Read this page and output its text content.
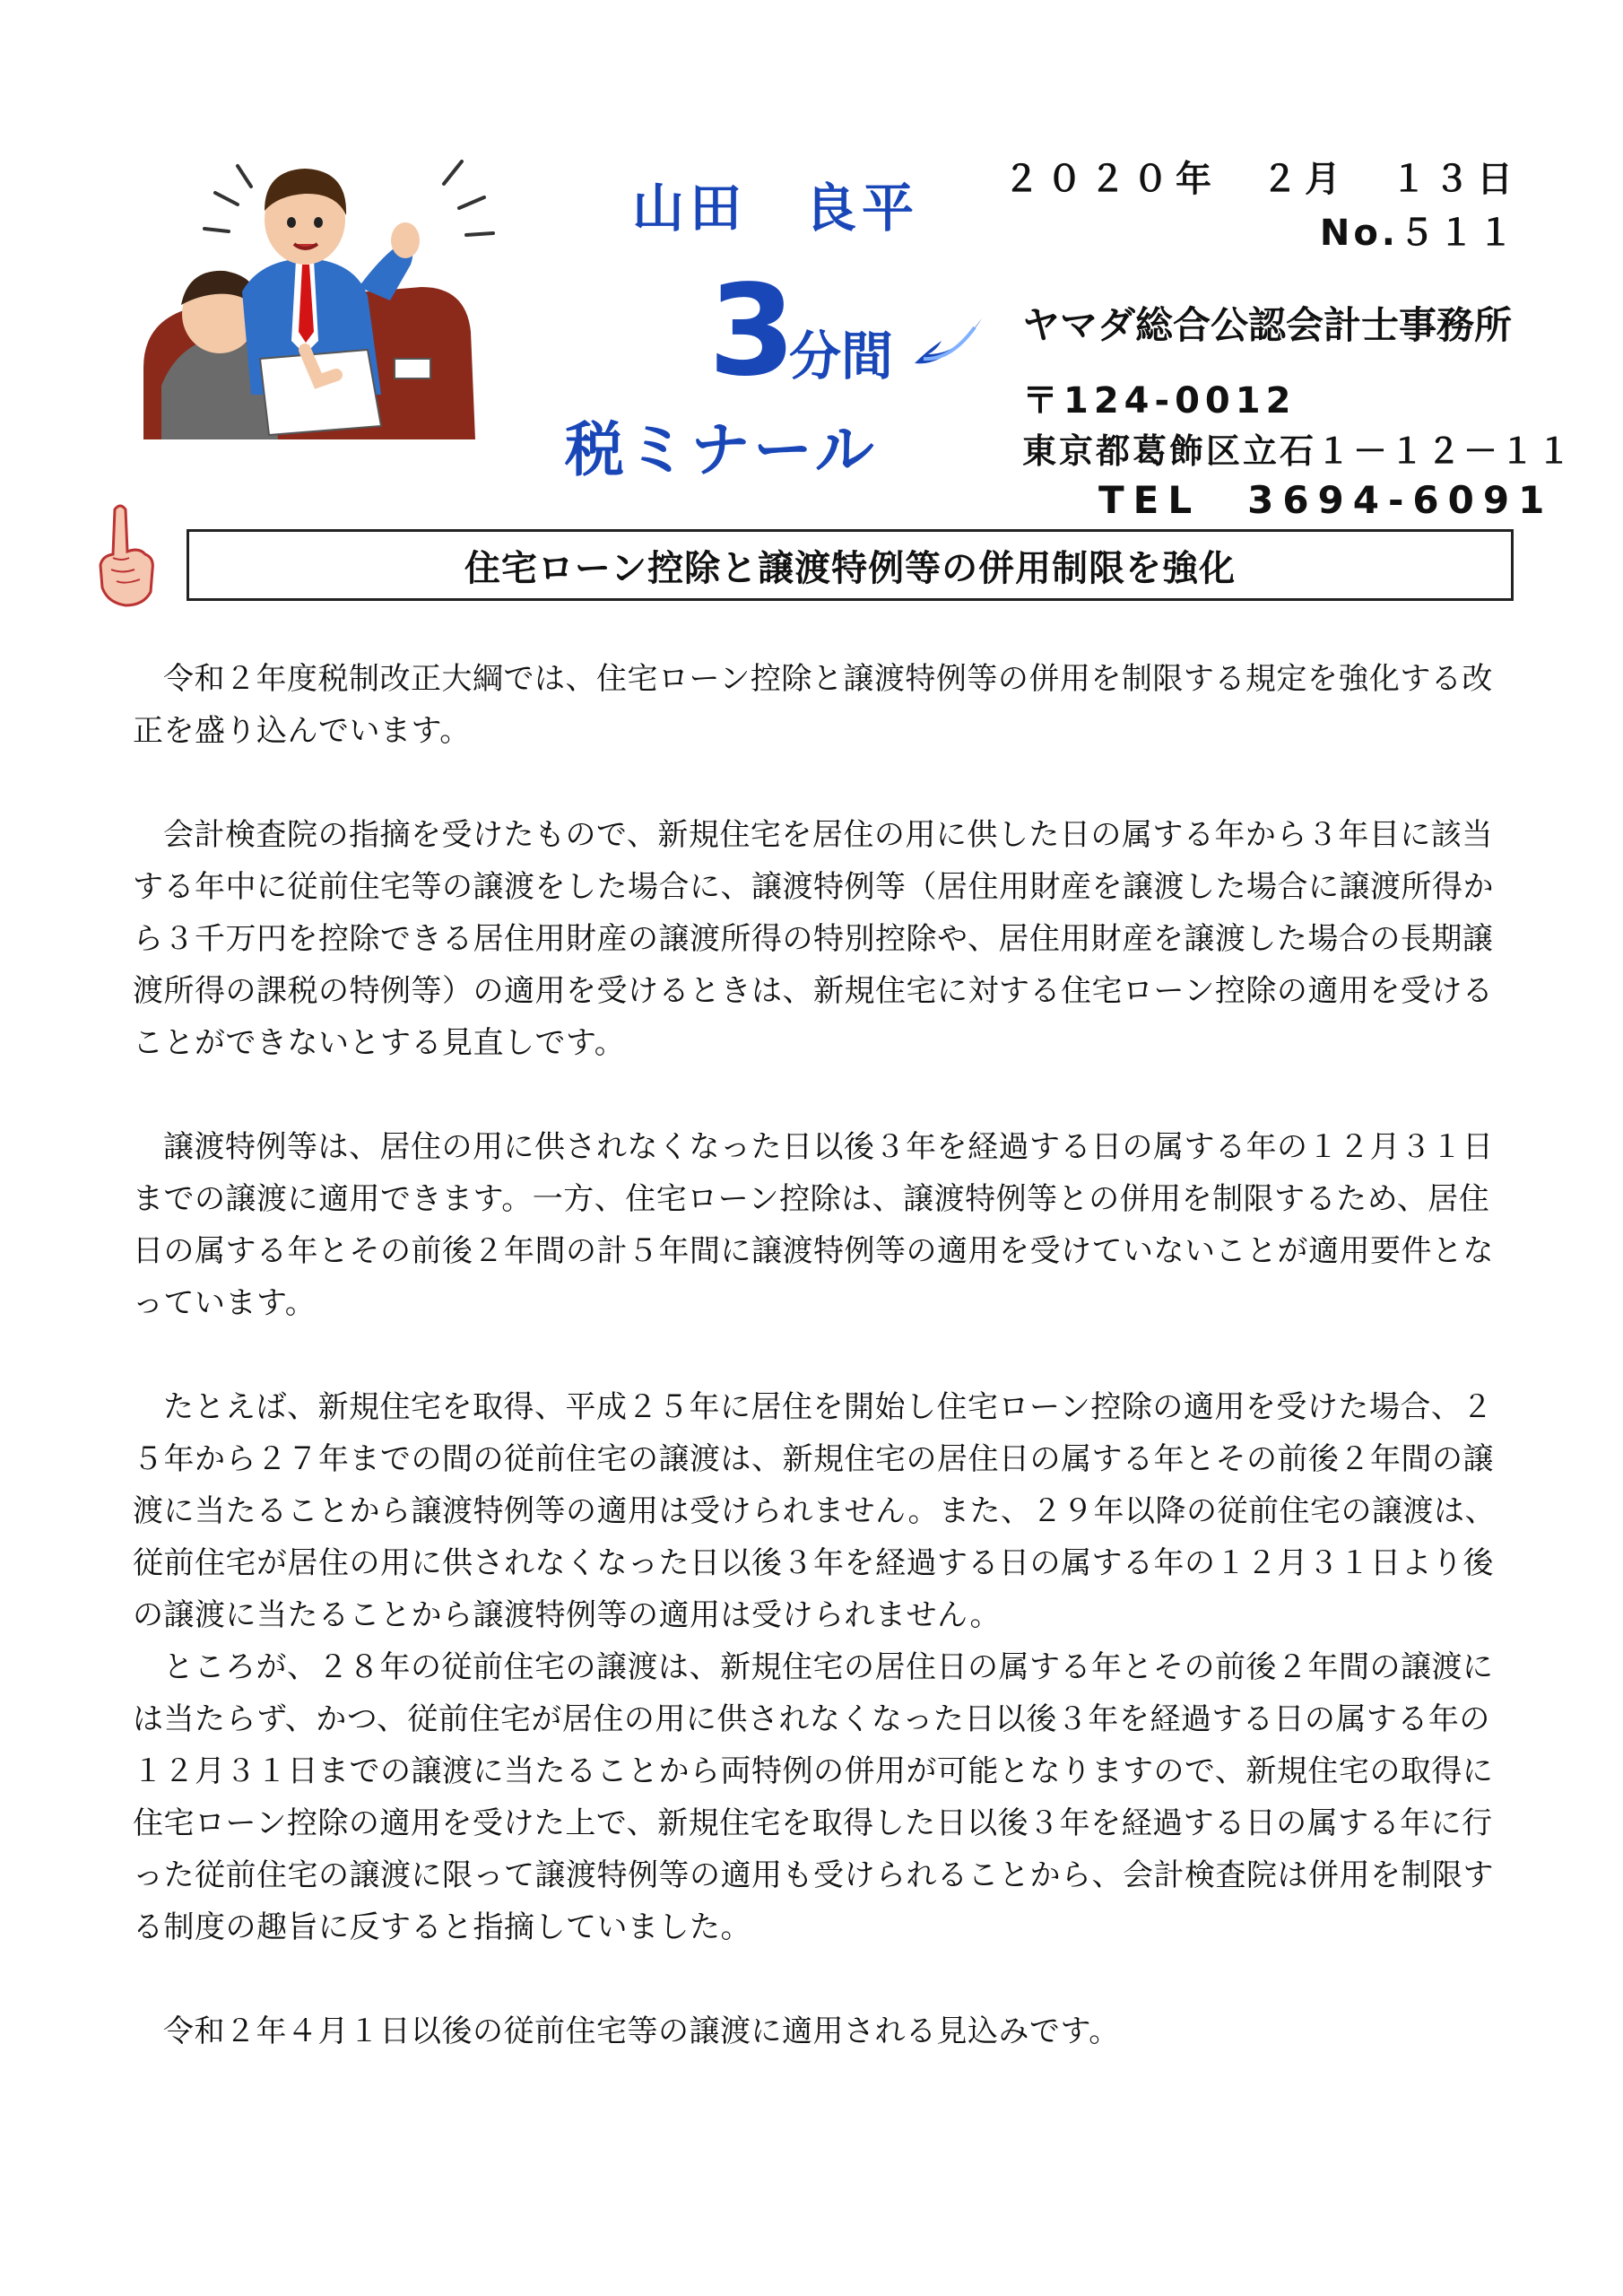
山田　良平
3
分間
税ミナール
２０２０年　２月　１３日
No.５１１
ヤマダ総合公認会計士事務所
〒124-0012
東京都葛飾区立石１－１２－１１
TEL　3694-6091
住宅ローン控除と譲渡特例等の併用制限を強化

令和２年度税制改正大綱では、住宅ローン控除と譲渡特例等の併用を制限する規定を強化する改正を盛り込んでいます。

会計検査院の指摘を受けたもので、新規住宅を居住の用に供した日の属する年から３年目に該当する年中に従前住宅等の譲渡をした場合に、譲渡特例等（居住用財産を譲渡した場合に譲渡所得から３千万円を控除できる居住用財産の譲渡所得の特別控除や、居住用財産を譲渡した場合の長期譲渡所得の課税の特例等）の適用を受けるときは、新規住宅に対する住宅ローン控除の適用を受けることができないとする見直しです。

譲渡特例等は、居住の用に供されなくなった日以後３年を経過する日の属する年の１２月３１日までの譲渡に適用できます。一方、住宅ローン控除は、譲渡特例等との併用を制限するため、居住日の属する年とその前後２年間の計５年間に譲渡特例等の適用を受けていないことが適用要件となっています。

たとえば、新規住宅を取得、平成２５年に居住を開始し住宅ローン控除の適用を受けた場合、２５年から２７年までの間の従前住宅の譲渡は、新規住宅の居住日の属する年とその前後２年間の譲渡に当たることから譲渡特例等の適用は受けられません。また、２９年以降の従前住宅の譲渡は、従前住宅が居住の用に供されなくなった日以後３年を経過する日の属する年の１２月３１日より後の譲渡に当たることから譲渡特例等の適用は受けられません。

ところが、２８年の従前住宅の譲渡は、新規住宅の居住日の属する年とその前後２年間の譲渡には当たらず、かつ、従前住宅が居住の用に供されなくなった日以後３年を経過する日の属する年の１２月３１日までの譲渡に当たることから両特例の併用が可能となりますので、新規住宅の取得に住宅ローン控除の適用を受けた上で、新規住宅を取得した日以後３年を経過する日の属する年に行った従前住宅の譲渡に限って譲渡特例等の適用も受けられることから、会計検査院は併用を制限する制度の趣旨に反すると指摘していました。

令和２年４月１日以後の従前住宅等の譲渡に適用される見込みです。
